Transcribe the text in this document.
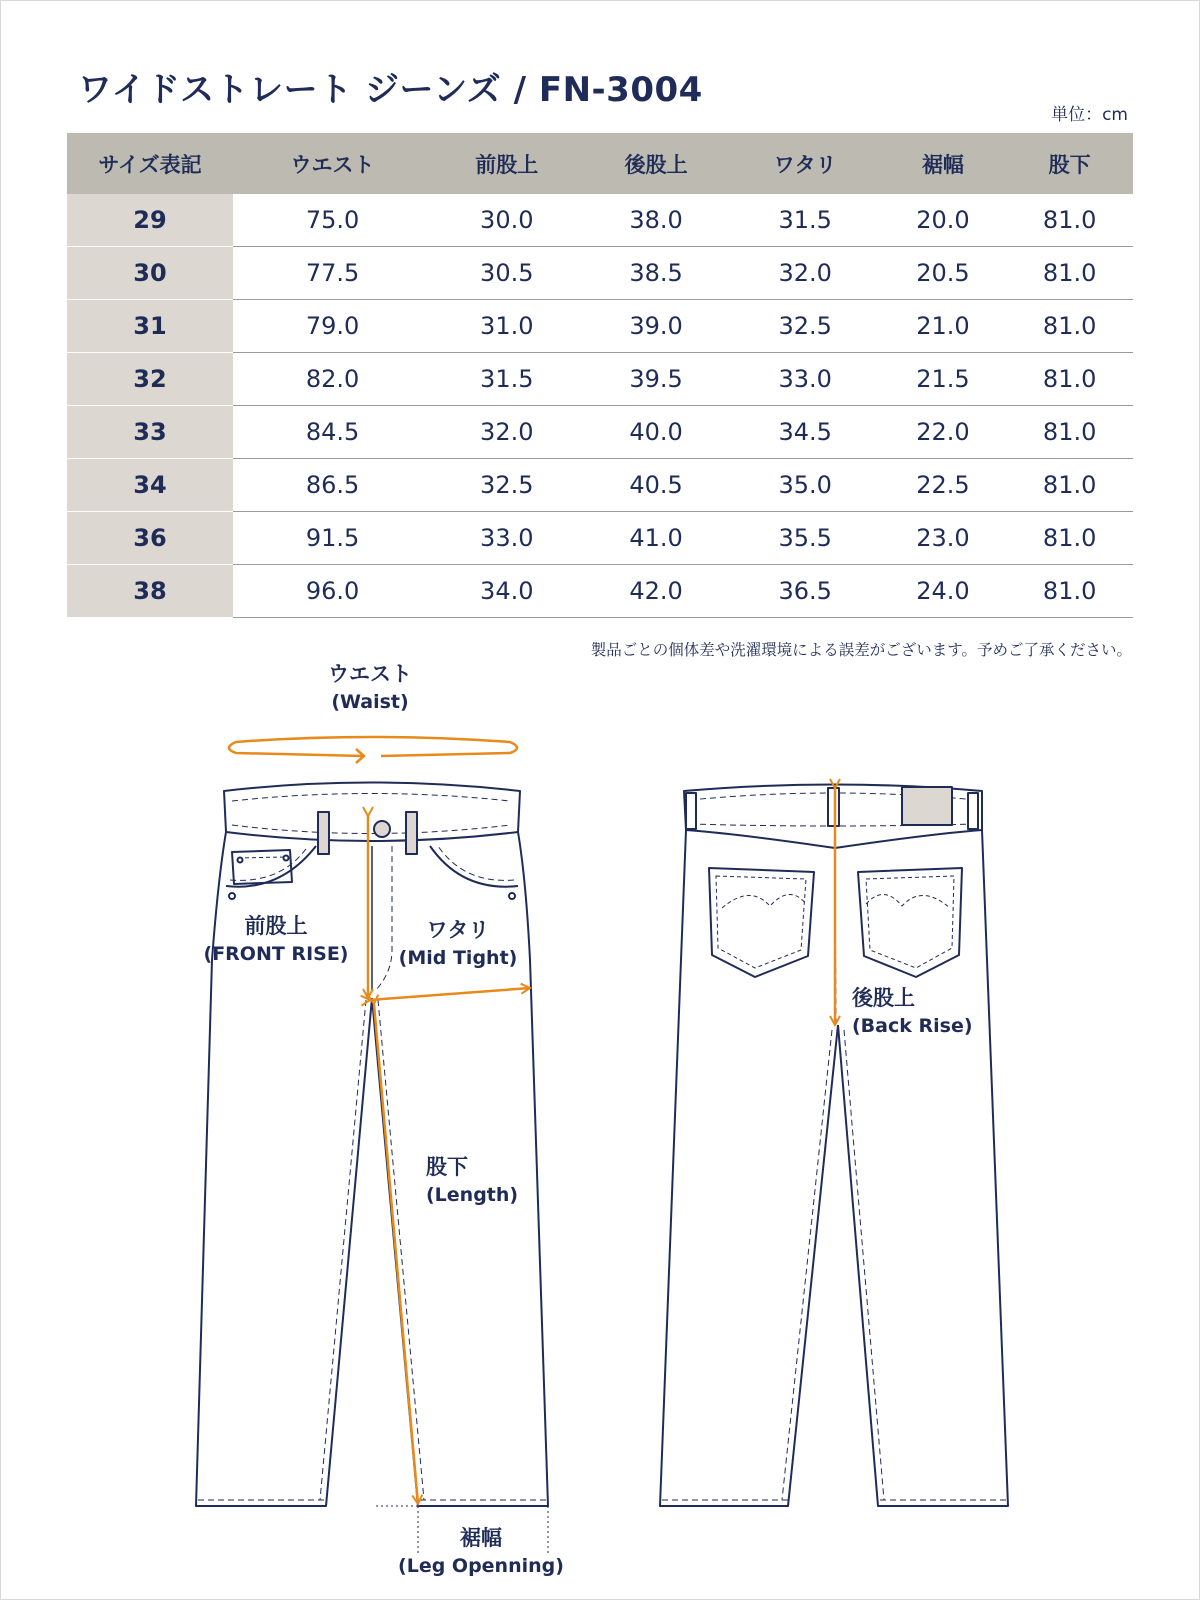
ワイドストレート ジーンズ / FN-3004
単位：cm
サイズ表記	ウエスト	前股上	後股上	ワタリ	裾幅	股下
29	75.0	30.0	38.0	31.5	20.0	81.0
30	77.5	30.5	38.5	32.0	20.5	81.0
31	79.0	31.0	39.0	32.5	21.0	81.0
32	82.0	31.5	39.5	33.0	21.5	81.0
33	84.5	32.0	40.0	34.5	22.0	81.0
34	86.5	32.5	40.5	35.0	22.5	81.0
36	91.5	33.0	41.0	35.5	23.0	81.0
38	96.0	34.0	42.0	36.5	24.0	81.0
製品ごとの個体差や洗濯環境による誤差がございます。予めご了承ください。
ウエスト
(Waist)
前股上
(FRONT RISE)
ワタリ
(Mid Tight)
股下
(Length)
裾幅
(Leg Openning)
後股上
(Back Rise)
